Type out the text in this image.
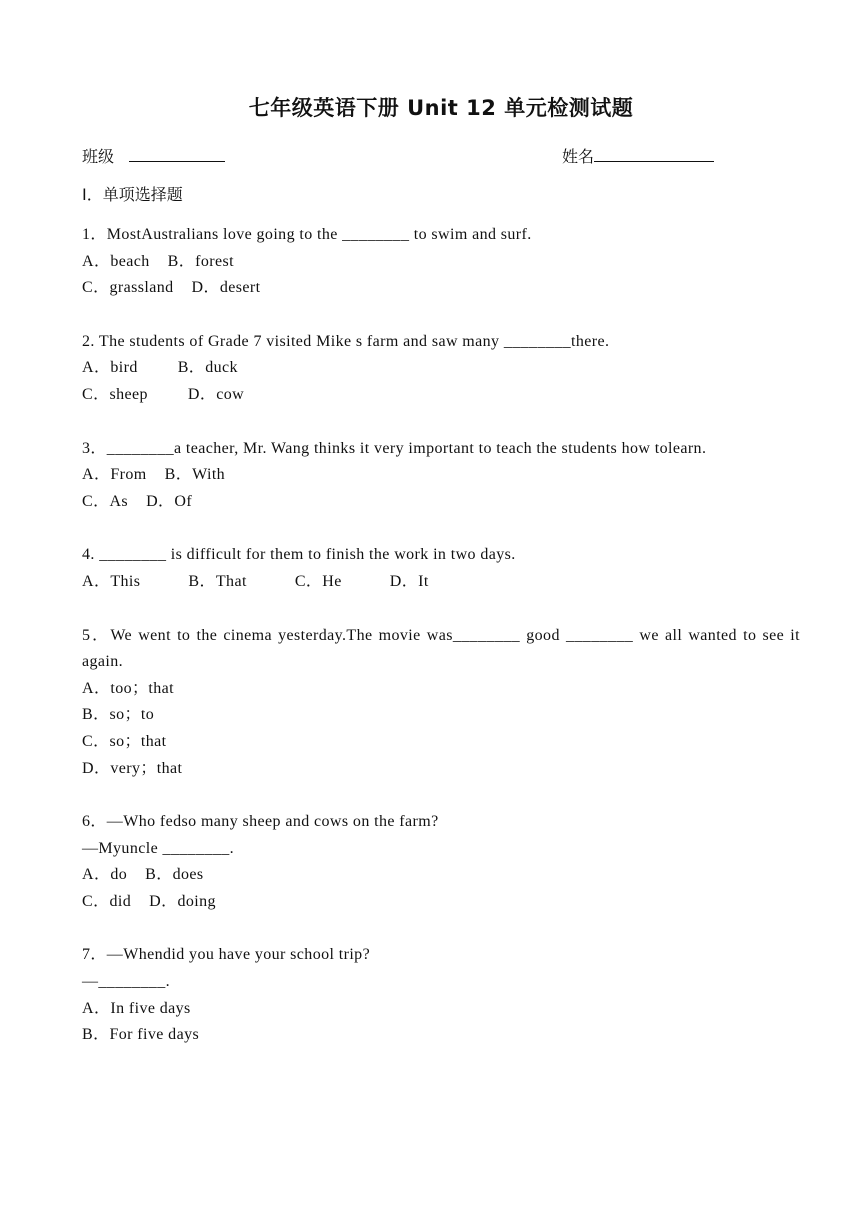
七年级英语下册 Unit 12 单元检测试题
班级	姓名
Ⅰ．单项选择题
1．MostAustralians love going to the ________ to swim and surf.
A．beach B．forest
C．grassland D．desert
2. The students of Grade 7 visited Mike s farm and saw many ________there.
A．bird	B．duck
C．sheep	D．cow
3．________a teacher, Mr. Wang thinks it very important to teach the students how tolearn.
A．From B．With
C．As D．Of
4. ________ is difficult for them to finish the work in two days.
A．This	B．That	C．He	D．It
5．We went to the cinema yesterday.The movie was________ good ________ we all wanted to see it again.
A．too；that
B．so；to
C．so；that
D．very；that
6．—Who fedso many sheep and cows on the farm?
—Myuncle ________.
A．do B．does
C．did D．doing
7．—Whendid you have your school trip?
—________.
A．In five days
B．For five days
